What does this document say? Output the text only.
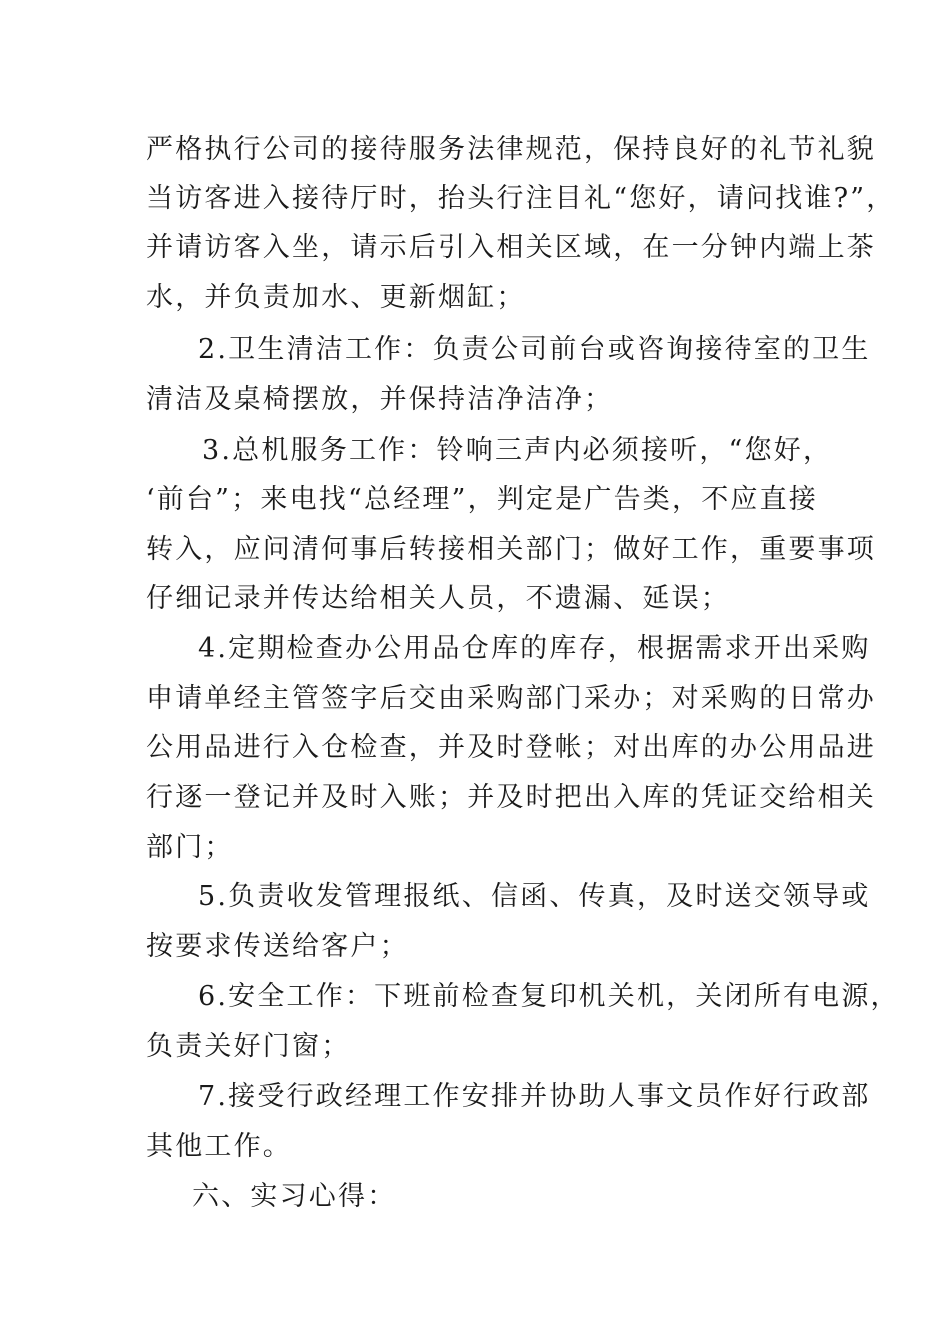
严格执行公司的接待服务法律规范，保持良好的礼节礼貌
当访客进入接待厅时，抬头行注目礼“您好，请问找谁?”，
并请访客入坐，请示后引入相关区域，在一分钟内端上茶
水，并负责加水、更新烟缸；
2.卫生清洁工作：负责公司前台或咨询接待室的卫生
清洁及桌椅摆放，并保持洁净洁净；
3.总机服务工作：铃响三声内必须接听，“您好，
‘前台”；来电找“总经理”，判定是广告类，不应直接
转入，应问清何事后转接相关部门；做好工作，重要事项
仔细记录并传达给相关人员，不遗漏、延误；
4.定期检查办公用品仓库的库存，根据需求开出采购
申请单经主管签字后交由采购部门采办；对采购的日常办
公用品进行入仓检查，并及时登帐；对出库的办公用品进
行逐一登记并及时入账；并及时把出入库的凭证交给相关
部门；
5.负责收发管理报纸、信函、传真，及时送交领导或
按要求传送给客户；
6.安全工作：下班前检查复印机关机，关闭所有电源，
负责关好门窗；
7.接受行政经理工作安排并协助人事文员作好行政部
其他工作。
六、实习心得：
